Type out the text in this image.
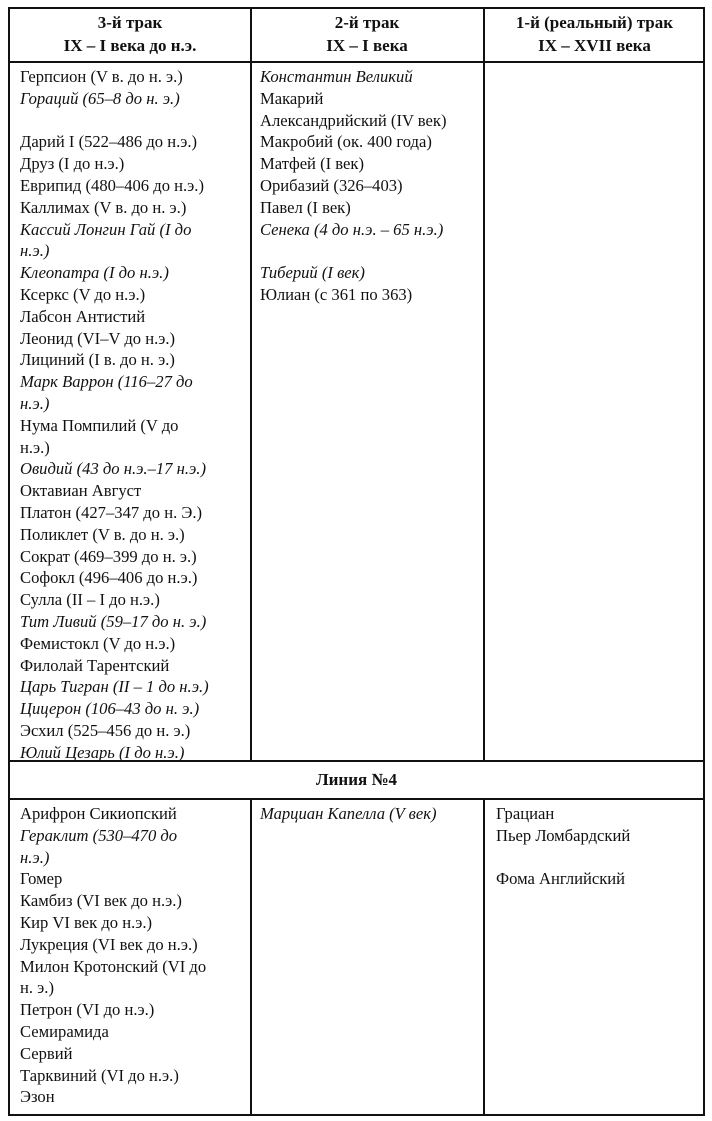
3-й трак
IX – I века до н.э.
2-й трак
IX – I века
1-й (реальный) трак
IX – XVII века
Герпсион (V в. до н. э.)
Гораций (65–8 до н. э.)
Дарий I (522–486 до н.э.)
Друз (I до н.э.)
Еврипид (480–406 до н.э.)
Каллимах (V в. до н. э.)
Кассий Лонгин Гай (I до
н.э.)
Клеопатра (I до н.э.)
Ксеркс (V до н.э.)
Лабсон Антистий
Леонид (VI–V до н.э.)
Лициний (I в. до н. э.)
Марк Варрон (116–27 до
н.э.)
Нума Помпилий (V до
н.э.)
Овидий (43 до н.э.–17 н.э.)
Октавиан Август
Платон (427–347 до н. Э.)
Поликлет (V в. до н. э.)
Сократ (469–399 до н. э.)
Софокл (496–406 до н.э.)
Сулла (II – I до н.э.)
Тит Ливий (59–17 до н. э.)
Фемистокл (V до н.э.)
Филолай Тарентский
Царь Тигран (II – 1 до н.э.)
Цицерон (106–43 до н. э.)
Эсхил (525–456 до н. э.)
Юлий Цезарь (I до н.э.)
Константин Великий
Макарий
Александрийский (IV век)
Макробий (ок. 400 года)
Матфей (I век)
Орибазий (326–403)
Павел (I век)
Сенека (4 до н.э. – 65 н.э.)
Тиберий (I век)
Юлиан (с 361 по 363)
Линия №4
Арифрон Сикиопский
Гераклит (530–470 до
н.э.)
Гомер
Камбиз (VI век до н.э.)
Кир VI век до н.э.)
Лукреция (VI век до н.э.)
Милон Кротонский (VI до
н. э.)
Петрон (VI до н.э.)
Семирамида
Сервий
Тарквиний (VI до н.э.)
Эзон
Марциан Капелла (V век)	Грациан
Пьер Ломбардский
Фома Английский
